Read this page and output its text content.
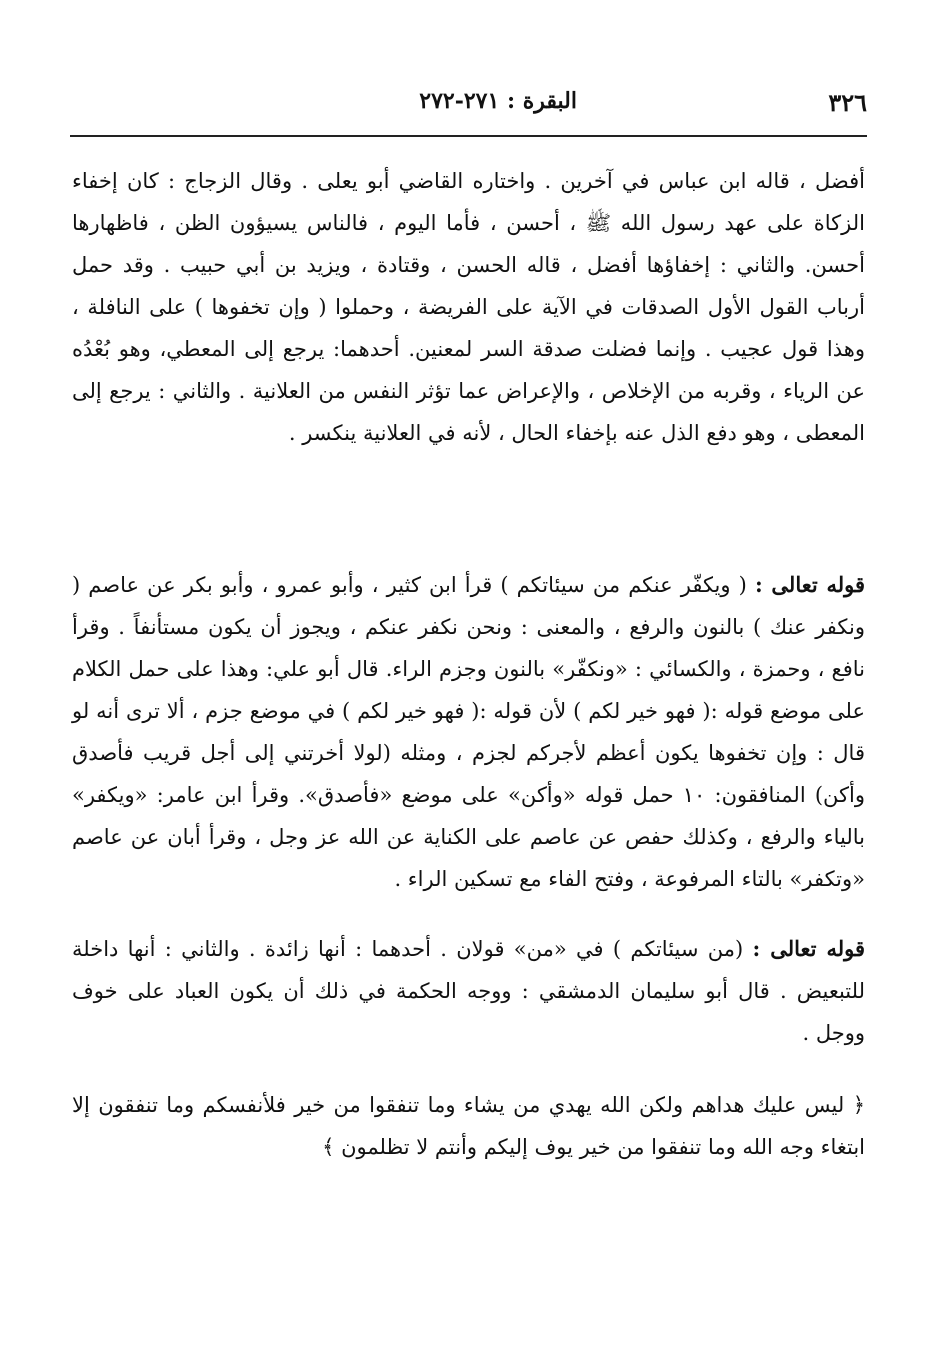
٣٢٦
البقرة : ٢٧١-٢٧٢

أفضل ، قاله ابن عباس في آخرين . واختاره القاضي أبو يعلى . وقال الزجاج : كان إخفاء الزكاة على عهد رسول الله ﷺ ، أحسن ، فأما اليوم ، فالناس يسيؤون الظن ، فاظهارها أحسن. والثاني : إخفاؤها أفضل ، قاله الحسن ، وقتادة ، ويزيد بن أبي حبيب . وقد حمل أرباب القول الأول الصدقات في الآية على الفريضة ، وحملوا ( وإن تخفوها ) على النافلة ، وهذا قول عجيب . وإنما فضلت صدقة السر لمعنين. أحدهما: يرجع إلى المعطي، وهو بُعْدُه عن الرياء ، وقربه من الإخلاص ، والإعراض عما تؤثر النفس من العلانية . والثاني : يرجع إلى المعطى ، وهو دفع الذل عنه بإخفاء الحال ، لأنه في العلانية ينكسر .

قوله تعالى : ( ويكفّر عنكم من سيئاتكم ) قرأ ابن كثير ، وأبو عمرو ، وأبو بكر عن عاصم ( ونكفر عنك ) بالنون والرفع ، والمعنى : ونحن نكفر عنكم ، ويجوز أن يكون مستأنفاً . وقرأ نافع ، وحمزة ، والكسائي : «ونكفّر» بالنون وجزم الراء. قال أبو علي: وهذا على حمل الكلام على موضع قوله :( فهو خير لكم ) لأن قوله :( فهو خير لكم ) في موضع جزم ، ألا ترى أنه لو قال : وإن تخفوها يكون أعظم لأجركم لجزم ، ومثله (لولا أخرتني إلى أجل قريب فأصدق وأكن) المنافقون: ١٠ حمل قوله «وأكن» على موضع «فأصدق». وقرأ ابن عامر: «ويكفر» بالياء والرفع ، وكذلك حفص عن عاصم على الكناية عن الله عز وجل ، وقرأ أبان عن عاصم «وتكفر» بالتاء المرفوعة ، وفتح الفاء مع تسكين الراء .

قوله تعالى : (من سيئاتكم ) في «من» قولان . أحدهما : أنها زائدة . والثاني : أنها داخلة للتبعيض . قال أبو سليمان الدمشقي : ووجه الحكمة في ذلك أن يكون العباد على خوف ووجل .

﴿ ليس عليك هداهم ولكن الله يهدي من يشاء وما تنفقوا من خير فلأنفسكم وما تنفقون إلا ابتغاء وجه الله وما تنفقوا من خير يوف إليكم وأنتم لا تظلمون ﴾
